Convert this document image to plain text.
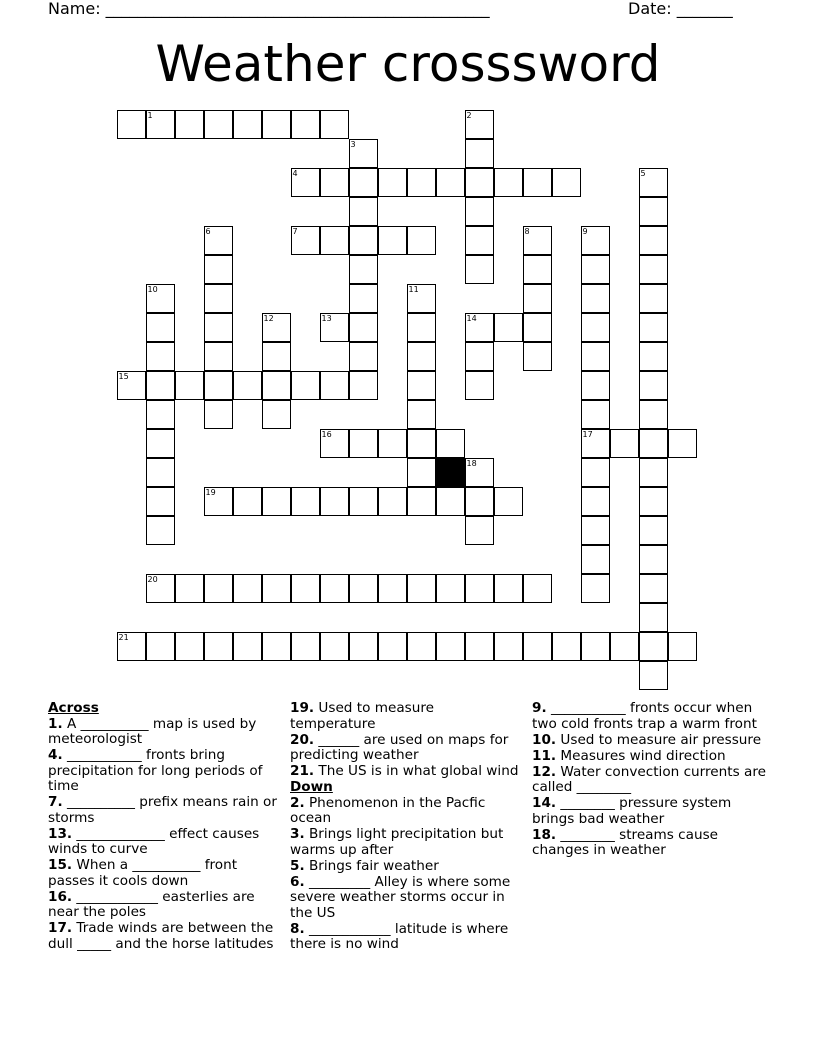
Name: ________________________________________________	Date: _______
Weather crosssword
1	2
3
4	5
6	7	8	9
10	11
12	13	14
15
16	17
18
19
20
21
Across
1. A __________ map is used by meteorologist
4. ___________ fronts bring precipitation for long periods of time
7. __________ prefix means rain or storms
13. _____________ effect causes winds to curve
15. When a __________ front passes it cools down
16. ____________ easterlies are near the poles
17. Trade winds are between the dull _____ and the horse latitudes
19. Used to measure temperature
20. ______ are used on maps for predicting weather
21. The US is in what global wind
Down
2. Phenomenon in the Pacfic ocean
3. Brings light precipitation but warms up after
5. Brings fair weather
6. _________ Alley is where some severe weather storms occur in the US
8. ____________ latitude is where there is no wind
9. ___________ fronts occur when two cold fronts trap a warm front
10. Used to measure air pressure
11. Measures wind direction
12. Water convection currents are called ________
14. ________ pressure system brings bad weather
18. ________ streams cause changes in weather
